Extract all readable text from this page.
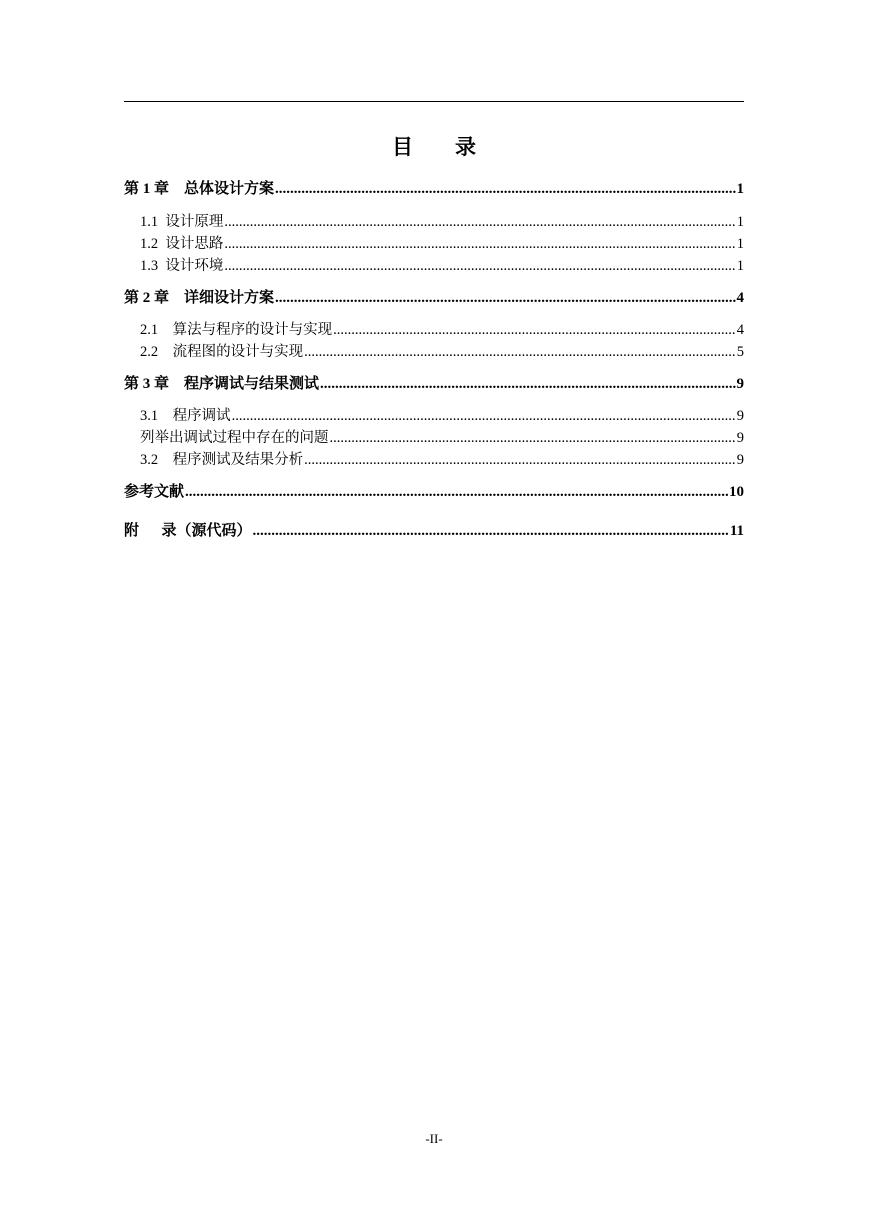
目        录
第 1 章    总体设计方案 .....	1
1.1  设计原理 .....	1
1.2  设计思路 .....	1
1.3  设计环境 .....	1
第 2 章    详细设计方案 .....	4
2.1    算法与程序的设计与实现 .....	4
2.2    流程图的设计与实现 .....	5
第 3 章    程序调试与结果测试 .....	9
3.1    程序调试 .....	9
列举出调试过程中存在的问题 .....	9
3.2    程序测试及结果分析 .....	9
参考文献 .....	10
附      录（源代码） .....	11
-II-
